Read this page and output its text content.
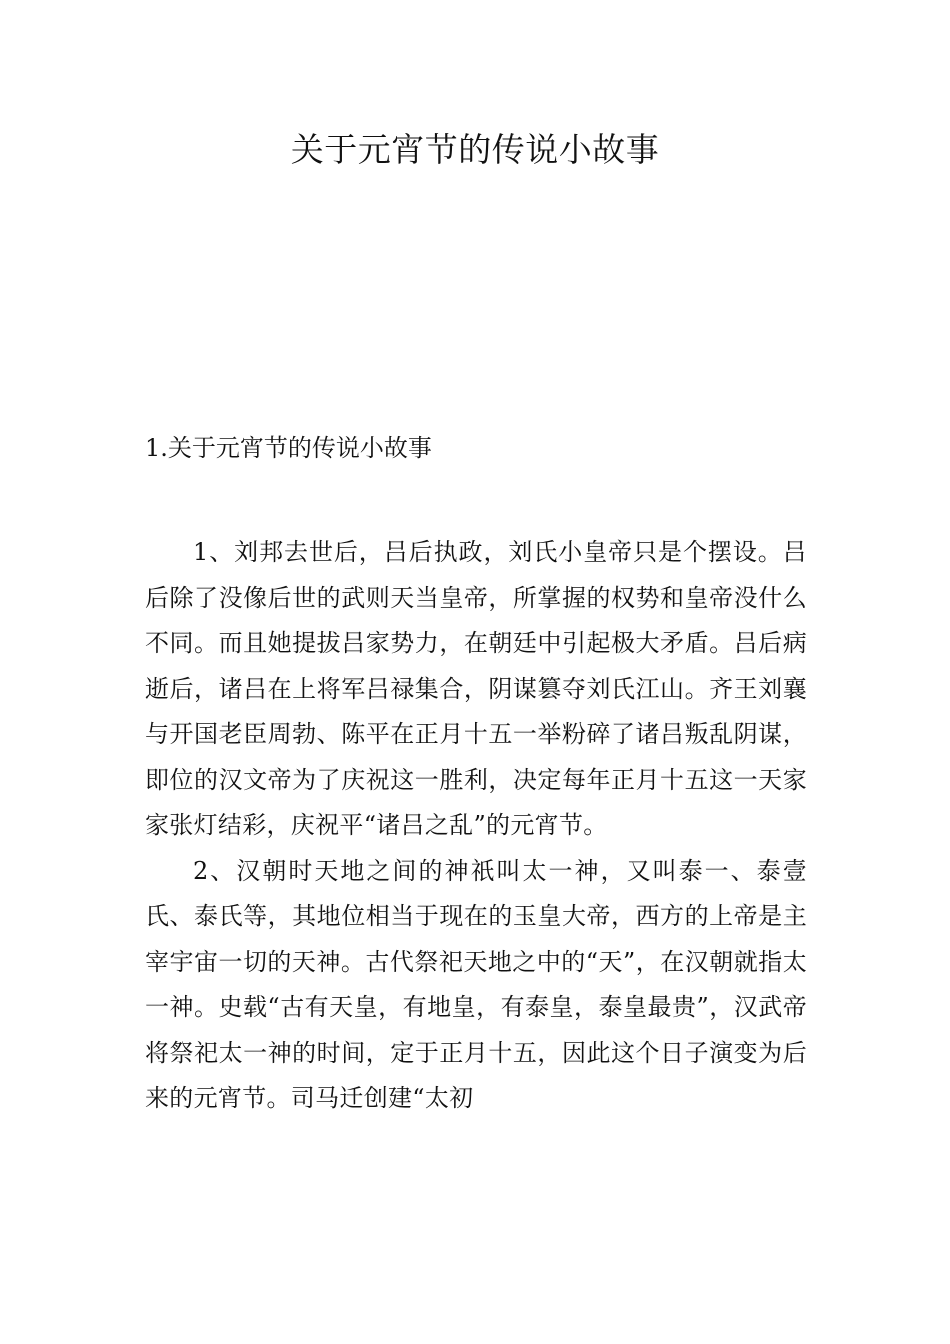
关于元宵节的传说小故事
1.关于元宵节的传说小故事

1、刘邦去世后，吕后执政，刘氏小皇帝只是个摆设。吕后除了没像后世的武则天当皇帝，所掌握的权势和皇帝没什么不同。而且她提拔吕家势力，在朝廷中引起极大矛盾。吕后病逝后，诸吕在上将军吕禄集合，阴谋篡夺刘氏江山。齐王刘襄与开国老臣周勃、陈平在正月十五一举粉碎了诸吕叛乱阴谋，即位的汉文帝为了庆祝这一胜利，决定每年正月十五这一天家家张灯结彩，庆祝平“诸吕之乱”的元宵节。

2、汉朝时天地之间的神祇叫太一神，又叫泰一、泰壹氏、泰氏等，其地位相当于现在的玉皇大帝，西方的上帝是主宰宇宙一切的天神。古代祭祀天地之中的“天”，在汉朝就指太一神。史载“古有天皇，有地皇，有泰皇，泰皇最贵”，汉武帝将祭祀太一神的时间，定于正月十五，因此这个日子演变为后来的元宵节。司马迁创建“太初
